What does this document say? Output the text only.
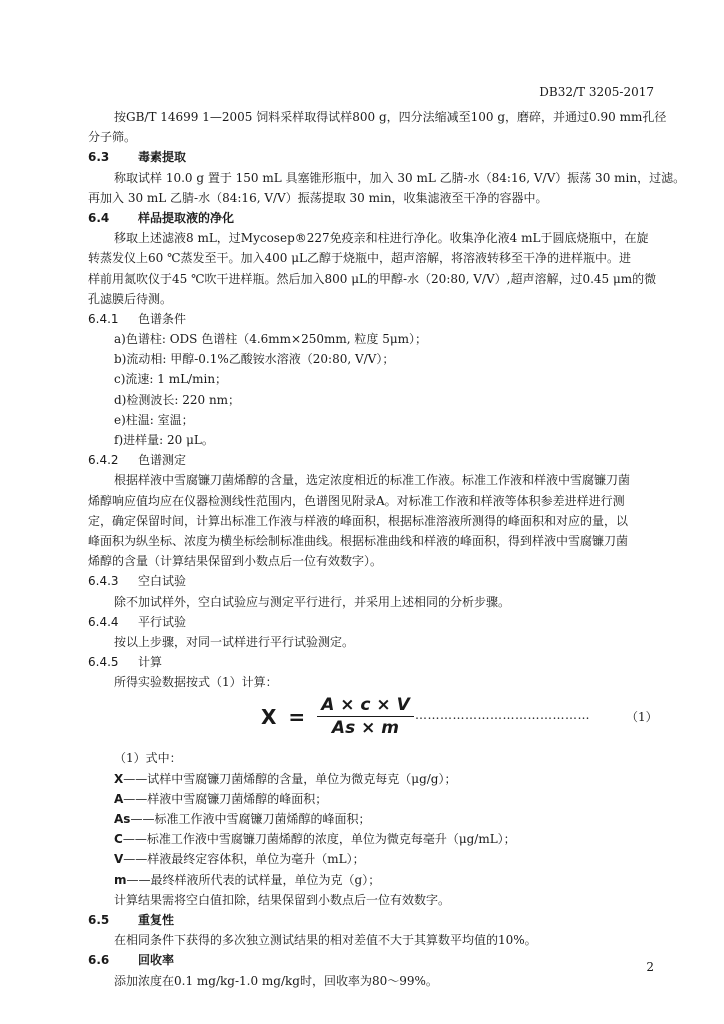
DB32/T 3205-2017
按GB/T 14699 1—2005 饲料采样取得试样800 g，四分法缩减至100 g，磨碎，并通过0.90 mm孔径
分子筛。
6.3 毒素提取
称取试样 10.0 g 置于 150 mL 具塞锥形瓶中，加入 30 mL 乙腈-水（84:16, V/V）振荡 30 min，过滤。
再加入 30 mL 乙腈-水（84:16, V/V）振荡提取 30 min，收集滤液至干净的容器中。
6.4 样品提取液的净化
移取上述滤液8 mL，过Mycosep®227免疫亲和柱进行净化。收集净化液4 mL于圆底烧瓶中，在旋
转蒸发仪上60 ℃蒸发至干。加入400 μL乙醇于烧瓶中，超声溶解，将溶液转移至干净的进样瓶中。进
样前用氮吹仪于45 ℃吹干进样瓶。然后加入800 μL的甲醇-水（20:80, V/V）,超声溶解，过0.45 μm的微
孔滤膜后待测。
6.4.1 色谱条件
a)色谱柱: ODS 色谱柱（4.6mm×250mm, 粒度 5μm）；
b)流动相: 甲醇-0.1%乙酸铵水溶液（20:80, V/V）；
c)流速: 1 mL/min；
d)检测波长: 220 nm；
e)柱温: 室温；
f)进样量: 20 μL。
6.4.2 色谱测定
根据样液中雪腐镰刀菌烯醇的含量，选定浓度相近的标准工作液。标准工作液和样液中雪腐镰刀菌
烯醇响应值均应在仪器检测线性范围内，色谱图见附录A。对标准工作液和样液等体积参差进样进行测
定，确定保留时间，计算出标准工作液与样液的峰面积，根据标准溶液所测得的峰面积和对应的量，以
峰面积为纵坐标、浓度为横坐标绘制标准曲线。根据标准曲线和样液的峰面积，得到样液中雪腐镰刀菌
烯醇的含量（计算结果保留到小数点后一位有效数字）。
6.4.3 空白试验
除不加试样外，空白试验应与测定平行进行，并采用上述相同的分析步骤。
6.4.4 平行试验
按以上步骤，对同一试样进行平行试验测定。
6.4.5 计算
所得实验数据按式（1）计算：
$X = \frac{A \times c \times V}{As \times m}$ ……………………………………	（1）
（1）式中：
X——试样中雪腐镰刀菌烯醇的含量，单位为微克每克（μg/g）；
A——样液中雪腐镰刀菌烯醇的峰面积；
As——标准工作液中雪腐镰刀菌烯醇的峰面积；
C——标准工作液中雪腐镰刀菌烯醇的浓度，单位为微克每毫升（μg/mL）；
V——样液最终定容体积，单位为毫升（mL）；
m——最终样液所代表的试样量，单位为克（g）；
计算结果需将空白值扣除，结果保留到小数点后一位有效数字。
6.5 重复性
在相同条件下获得的多次独立测试结果的相对差值不大于其算数平均值的10%。
6.6 回收率
添加浓度在0.1 mg/kg-1.0 mg/kg时，回收率为80～99%。
2
